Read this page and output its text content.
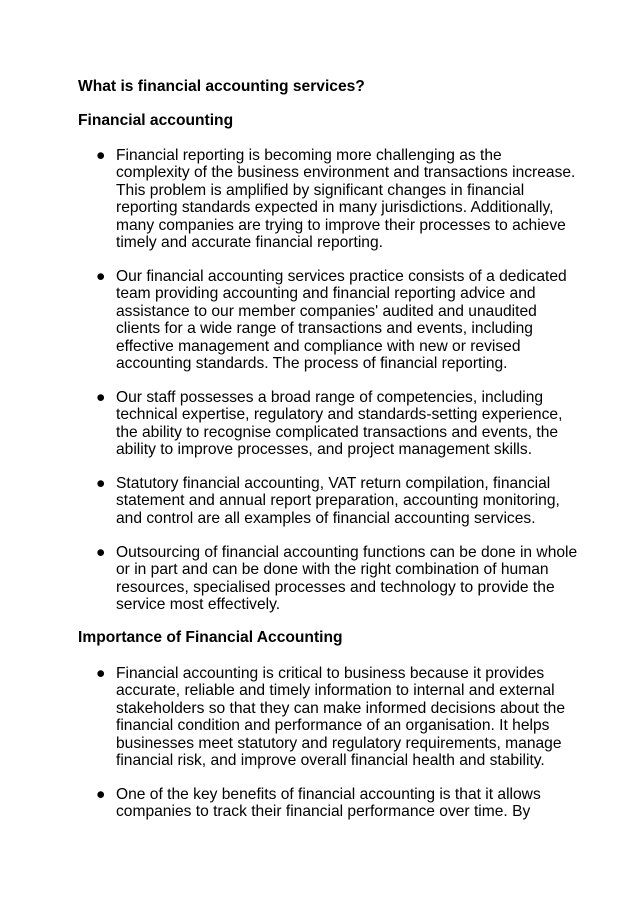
What is financial accounting services?
Financial accounting
● Financial reporting is becoming more challenging as the
complexity of the business environment and transactions increase.
This problem is amplified by significant changes in financial
reporting standards expected in many jurisdictions. Additionally,
many companies are trying to improve their processes to achieve
timely and accurate financial reporting.

● Our financial accounting services practice consists of a dedicated
team providing accounting and financial reporting advice and
assistance to our member companies' audited and unaudited
clients for a wide range of transactions and events, including
effective management and compliance with new or revised
accounting standards. The process of financial reporting.

● Our staff possesses a broad range of competencies, including
technical expertise, regulatory and standards-setting experience,
the ability to recognise complicated transactions and events, the
ability to improve processes, and project management skills.

● Statutory financial accounting, VAT return compilation, financial
statement and annual report preparation, accounting monitoring,
and control are all examples of financial accounting services.

● Outsourcing of financial accounting functions can be done in whole
or in part and can be done with the right combination of human
resources, specialised processes and technology to provide the
service most effectively.

Importance of Financial Accounting
● Financial accounting is critical to business because it provides
accurate, reliable and timely information to internal and external
stakeholders so that they can make informed decisions about the
financial condition and performance of an organisation. It helps
businesses meet statutory and regulatory requirements, manage
financial risk, and improve overall financial health and stability.

● One of the key benefits of financial accounting is that it allows
companies to track their financial performance over time. By
